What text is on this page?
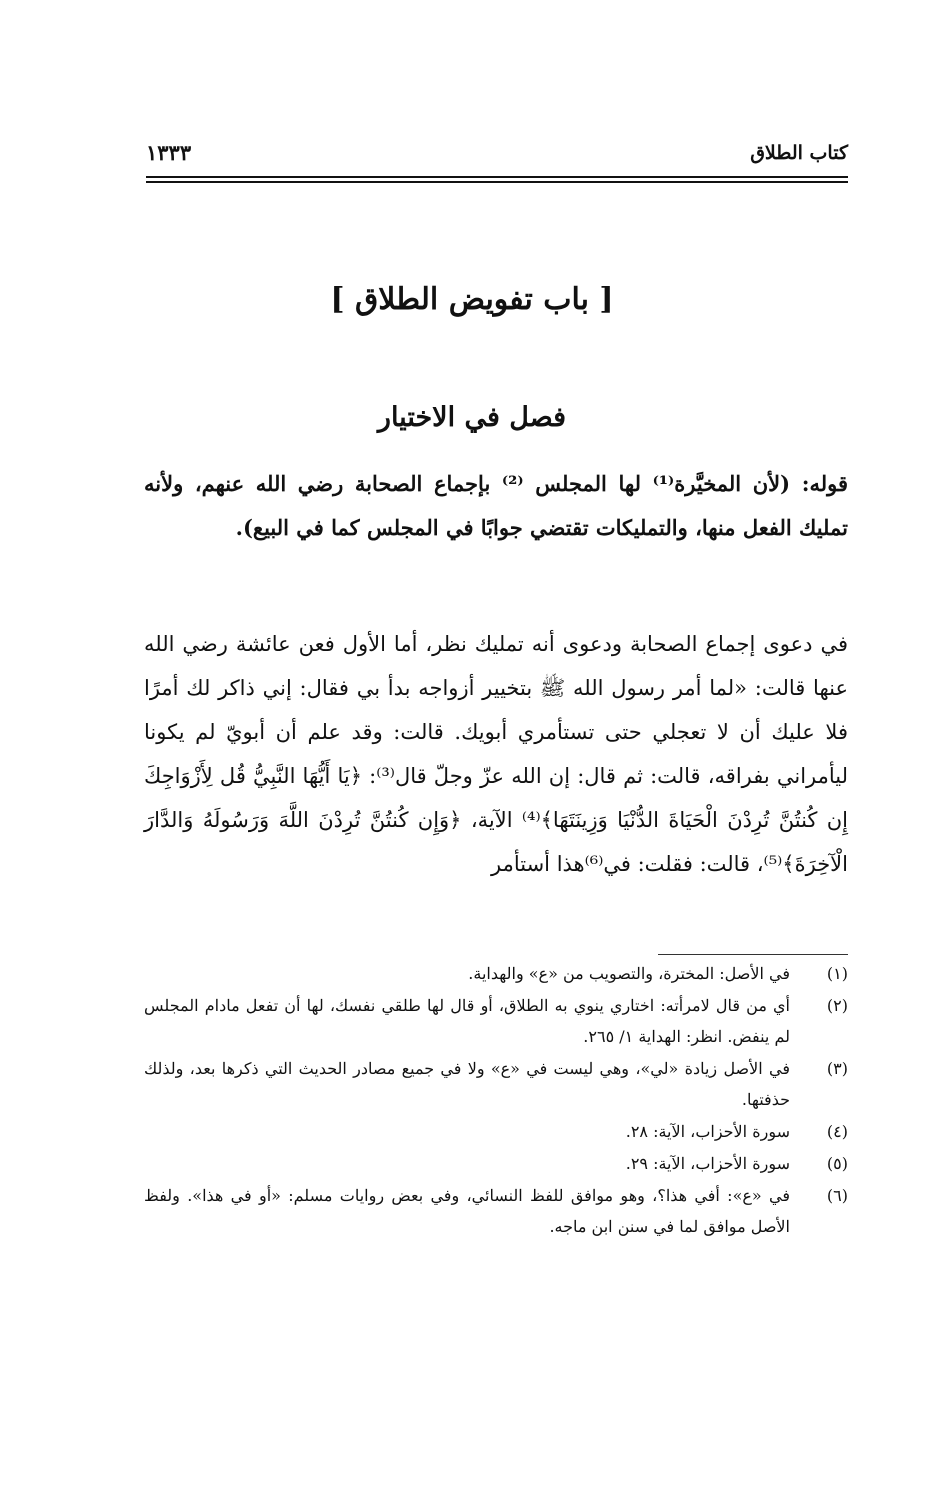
كتاب الطلاق
١٣٣٣
[ باب تفويض الطلاق ]
فصل في الاختيار

قوله: (لأن المخيَّرة⁽¹⁾ لها المجلس ⁽²⁾ بإجماع الصحابة رضي الله عنهم، ولأنه تمليك الفعل منها، والتمليكات تقتضي جوابًا في المجلس كما في البيع).

في دعوى إجماع الصحابة ودعوى أنه تمليك نظر، أما الأول فعن عائشة رضي الله عنها قالت: «لما أمر رسول الله ﷺ بتخيير أزواجه بدأ بي فقال: إني ذاكر لك أمرًا فلا عليك أن لا تعجلي حتى تستأمري أبويك. قالت: وقد علم أن أبويّ لم يكونا ليأمراني بفراقه، قالت: ثم قال: إن الله عزّ وجلّ قال⁽³⁾: ﴿يَا أَيُّهَا النَّبِيُّ قُل لِأَزْوَاجِكَ إِن كُنتُنَّ تُرِدْنَ الْحَيَاةَ الدُّنْيَا وَزِينَتَهَا﴾⁽⁴⁾ الآية، ﴿وَإِن كُنتُنَّ تُرِدْنَ اللَّهَ وَرَسُولَهُ وَالدَّارَ الْآخِرَةَ﴾⁽⁵⁾، قالت: فقلت: في⁽⁶⁾هذا أستأمر

(١)
في الأصل: المخترة، والتصويب من «ع» والهداية.
(٢)
أي من قال لامرأته: اختاري ينوي به الطلاق، أو قال لها طلقي نفسك، لها أن تفعل مادام المجلس لم ينفض. انظر: الهداية ١/ ٢٦٥.
(٣)
في الأصل زيادة «لي»، وهي ليست في «ع» ولا في جميع مصادر الحديث التي ذكرها بعد، ولذلك حذفتها.
(٤)
سورة الأحزاب، الآية: ٢٨.
(٥)
سورة الأحزاب، الآية: ٢٩.
(٦)
في «ع»: أفي هذا؟، وهو موافق للفظ النسائي، وفي بعض روايات مسلم: «أو في هذا». ولفظ الأصل موافق لما في سنن ابن ماجه.
